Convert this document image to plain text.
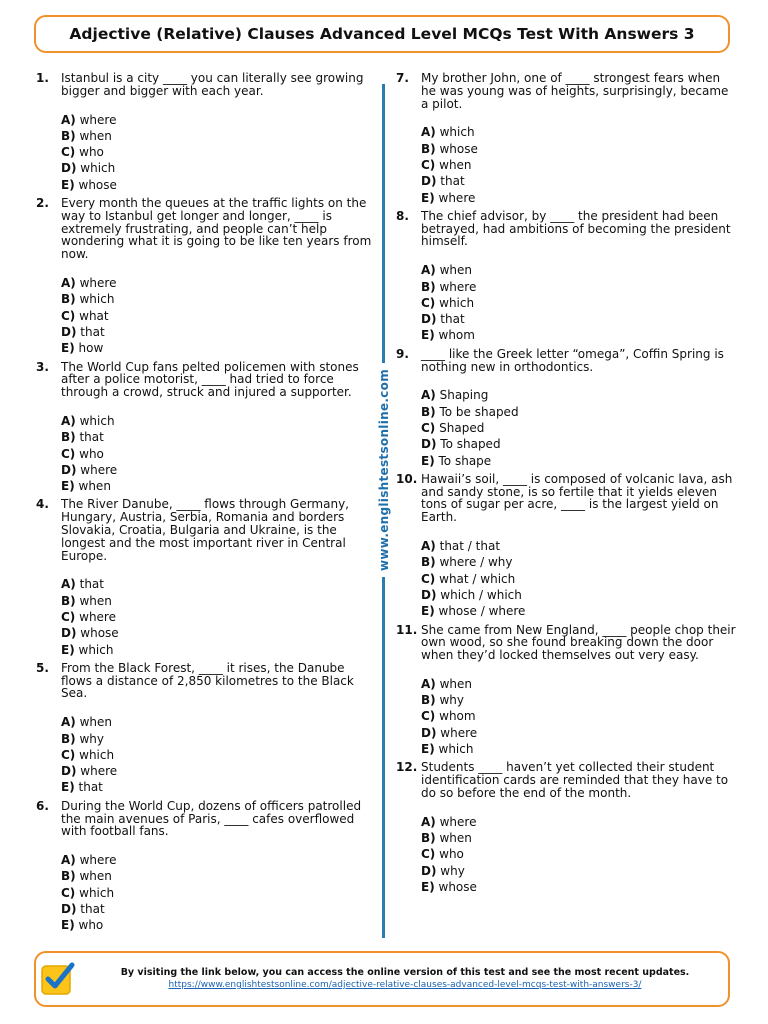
Adjective (Relative) Clauses Advanced Level MCQs Test With Answers 3
www.englishtestsonline.com
1. Istanbul is a city ____ you can literally see growing bigger and bigger with each year.

A) where
B) when
C) who
D) which
E) whose
2. Every month the queues at the traffic lights on the way to Istanbul get longer and longer, ____ is extremely frustrating, and people can’t help wondering what it is going to be like ten years from now.

A) where
B) which
C) what
D) that
E) how
3. The World Cup fans pelted policemen with stones after a police motorist, ____ had tried to force through a crowd, struck and injured a supporter.

A) which
B) that
C) who
D) where
E) when
4. The River Danube, ____ flows through Germany, Hungary, Austria, Serbia, Romania and borders Slovakia, Croatia, Bulgaria and Ukraine, is the longest and the most important river in Central Europe.

A) that
B) when
C) where
D) whose
E) which
5. From the Black Forest, ____ it rises, the Danube flows a distance of 2,850 kilometres to the Black Sea.

A) when
B) why
C) which
D) where
E) that
6. During the World Cup, dozens of officers patrolled the main avenues of Paris, ____ cafes overflowed with football fans.

A) where
B) when
C) which
D) that
E) who
7. My brother John, one of ____ strongest fears when he was young was of heights, surprisingly, became a pilot.

A) which
B) whose
C) when
D) that
E) where
8. The chief advisor, by ____ the president had been betrayed, had ambitions of becoming the president himself.

A) when
B) where
C) which
D) that
E) whom
9. ____ like the Greek letter “omega”, Coffin Spring is nothing new in orthodontics.

A) Shaping
B) To be shaped
C) Shaped
D) To shaped
E) To shape
10. Hawaii’s soil, ____ is composed of volcanic lava, ash and sandy stone, is so fertile that it yields eleven tons of sugar per acre, ____ is the largest yield on Earth.

A) that / that
B) where / why
C) what / which
D) which / which
E) whose / where
11. She came from New England, ____ people chop their own wood, so she found breaking down the door when they’d locked themselves out very easy.

A) when
B) why
C) whom
D) where
E) which
12. Students ____ haven’t yet collected their student identification cards are reminded that they have to do so before the end of the month.

A) where
B) when
C) who
D) why
E) whose
By visiting the link below, you can access the online version of this test and see the most recent updates.
https://www.englishtestsonline.com/adjective-relative-clauses-advanced-level-mcqs-test-with-answers-3/
